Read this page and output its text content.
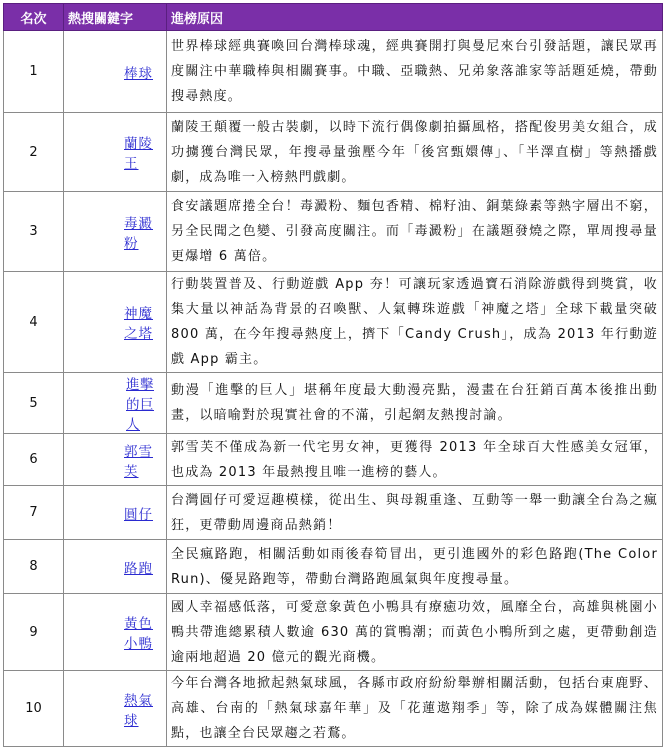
名次	熱搜關鍵字	進榜原因
1	棒球	世界棒球經典賽喚回台灣棒球魂，經典賽開打與曼尼來台引發話題，讓民眾再度關注中華職棒與相關賽事。中職、亞職熱、兄弟象落誰家等話題延燒，帶動搜尋熱度。
2	蘭陵王	蘭陵王顛覆一般古裝劇，以時下流行偶像劇拍攝風格，搭配俊男美女組合，成功擄獲台灣民眾，年搜尋量強壓今年「後宮甄嬛傳」、「半澤直樹」等熱播戲劇，成為唯一入榜熱門戲劇。
3	毒澱粉	食安議題席捲全台！毒澱粉、麵包香精、棉籽油、銅葉綠素等熱字層出不窮，另全民聞之色變、引發高度關注。而「毒澱粉」在議題發燒之際，單周搜尋量更爆增 6 萬倍。
4	神魔之塔	行動裝置普及、行動遊戲 App 夯！可讓玩家透過寶石消除游戲得到獎賞，收集大量以神話為背景的召喚獸、人氣轉珠遊戲「神魔之塔」全球下載量突破 800 萬，在今年搜尋熱度上，擠下「Candy Crush」，成為 2013 年行動遊戲 App 霸主。
5	進擊的巨人	動漫「進擊的巨人」堪稱年度最大動漫亮點，漫畫在台狂銷百萬本後推出動畫，以暗喻對於現實社會的不滿，引起網友熱搜討論。
6	郭雪芙	郭雪芙不僅成為新一代宅男女神，更獲得 2013 年全球百大性感美女冠軍，也成為 2013 年最熱搜且唯一進榜的藝人。
7	圓仔	台灣圓仔可愛逗趣模樣，從出生、與母親重逢、互動等一舉一動讓全台為之瘋狂，更帶動周邊商品熱銷！
8	路跑	全民瘋路跑，相關活動如雨後春筍冒出，更引進國外的彩色路跑(The Color Run)、優晃路跑等，帶動台灣路跑風氣與年度搜尋量。
9	黃色小鴨	國人幸福感低落，可愛意象黃色小鴨具有療癒功效，風靡全台，高雄與桃園小鴨共帶進總累積人數逾 630 萬的賞鴨潮；而黃色小鴨所到之處，更帶動創造逾兩地超過 20 億元的觀光商機。
10	熱氣球	今年台灣各地掀起熱氣球風，各縣市政府紛紛舉辦相關活動，包括台東鹿野、高雄、台南的「熱氣球嘉年華」及「花蓮遨翔季」等，除了成為媒體關注焦點，也讓全台民眾趨之若鶩。
